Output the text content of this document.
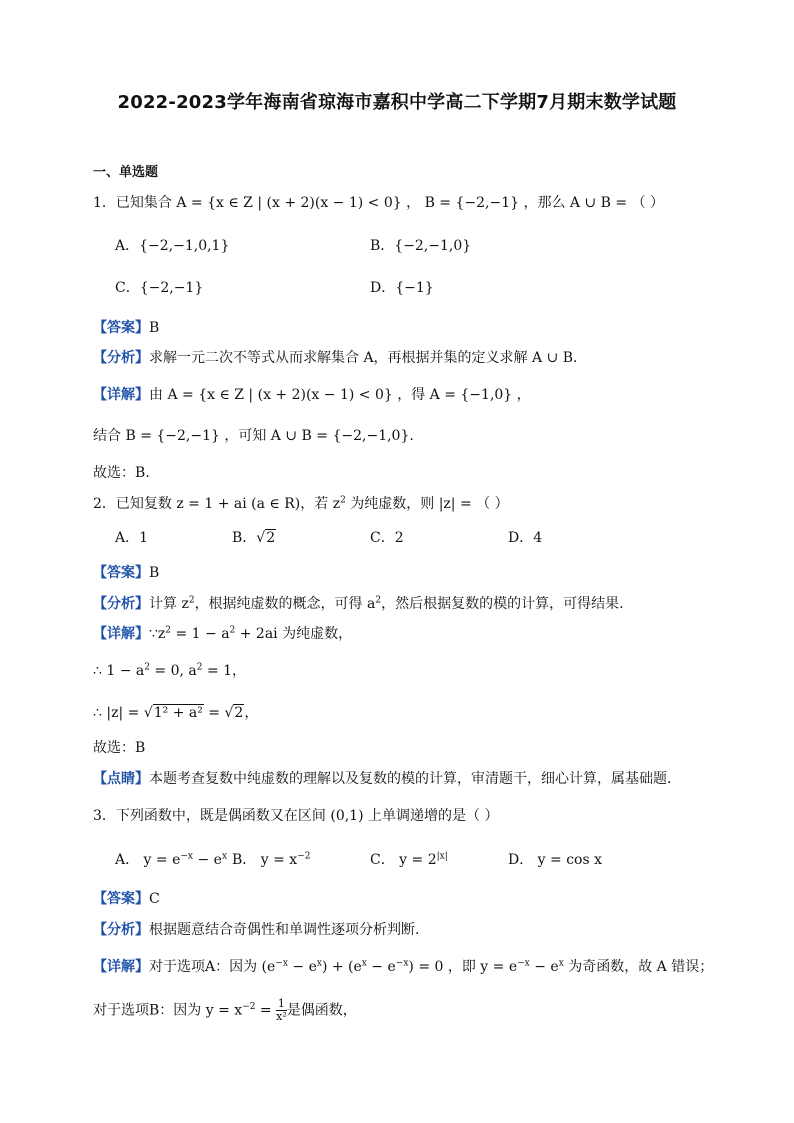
2022-2023学年海南省琼海市嘉积中学高二下学期7月期末数学试题
一、单选题
1．已知集合 A = {x ∈ Z | (x + 2)(x − 1) < 0} ， B = {−2,−1} ，那么 A ∪ B = （ ）
A．{−2,−1,0,1}	B．{−2,−1,0}
C．{−2,−1}	D．{−1}
【答案】B
【分析】求解一元二次不等式从而求解集合 A，再根据并集的定义求解 A ∪ B.
【详解】由 A = {x ∈ Z | (x + 2)(x − 1) < 0} ，得 A = {−1,0} ，
结合 B = {−2,−1} ，可知 A ∪ B = {−2,−1,0}.
故选：B.
2．已知复数 z = 1 + ai (a ∈ R)，若 $z^2$ 为纯虚数，则 |z| = （ ）
A．1	B．√2	C．2	D．4
【答案】B
【分析】计算 $z^2$，根据纯虚数的概念，可得 $a^2$，然后根据复数的模的计算，可得结果.
【详解】$\because z^2 = 1 - a^2 + 2ai$ 为纯虚数，
∴ $1 - a^2 = 0$, $a^2 = 1$，
∴ |z| = √1² + a² = √2，
故选：B
【点睛】本题考查复数中纯虚数的理解以及复数的模的计算，审清题干，细心计算，属基础题.
3．下列函数中，既是偶函数又在区间 (0,1) 上单调递增的是（ ）
A． $y = e^{-x} - e^x$ B． $y = x^{-2}$	C． $y = 2^{|x|}$	D． y = cos x
【答案】C
【分析】根据题意结合奇偶性和单调性逐项分析判断.
【详解】对于选项A：因为 $(e^{-x} - e^x) + (e^x - e^{-x}) = 0$ ，即 $y = e^{-x} - e^x$ 为奇函数，故 A 错误；
对于选项B：因为 $y = x^{-2} = \frac{1}{\text{x²}}$ 是偶函数，
